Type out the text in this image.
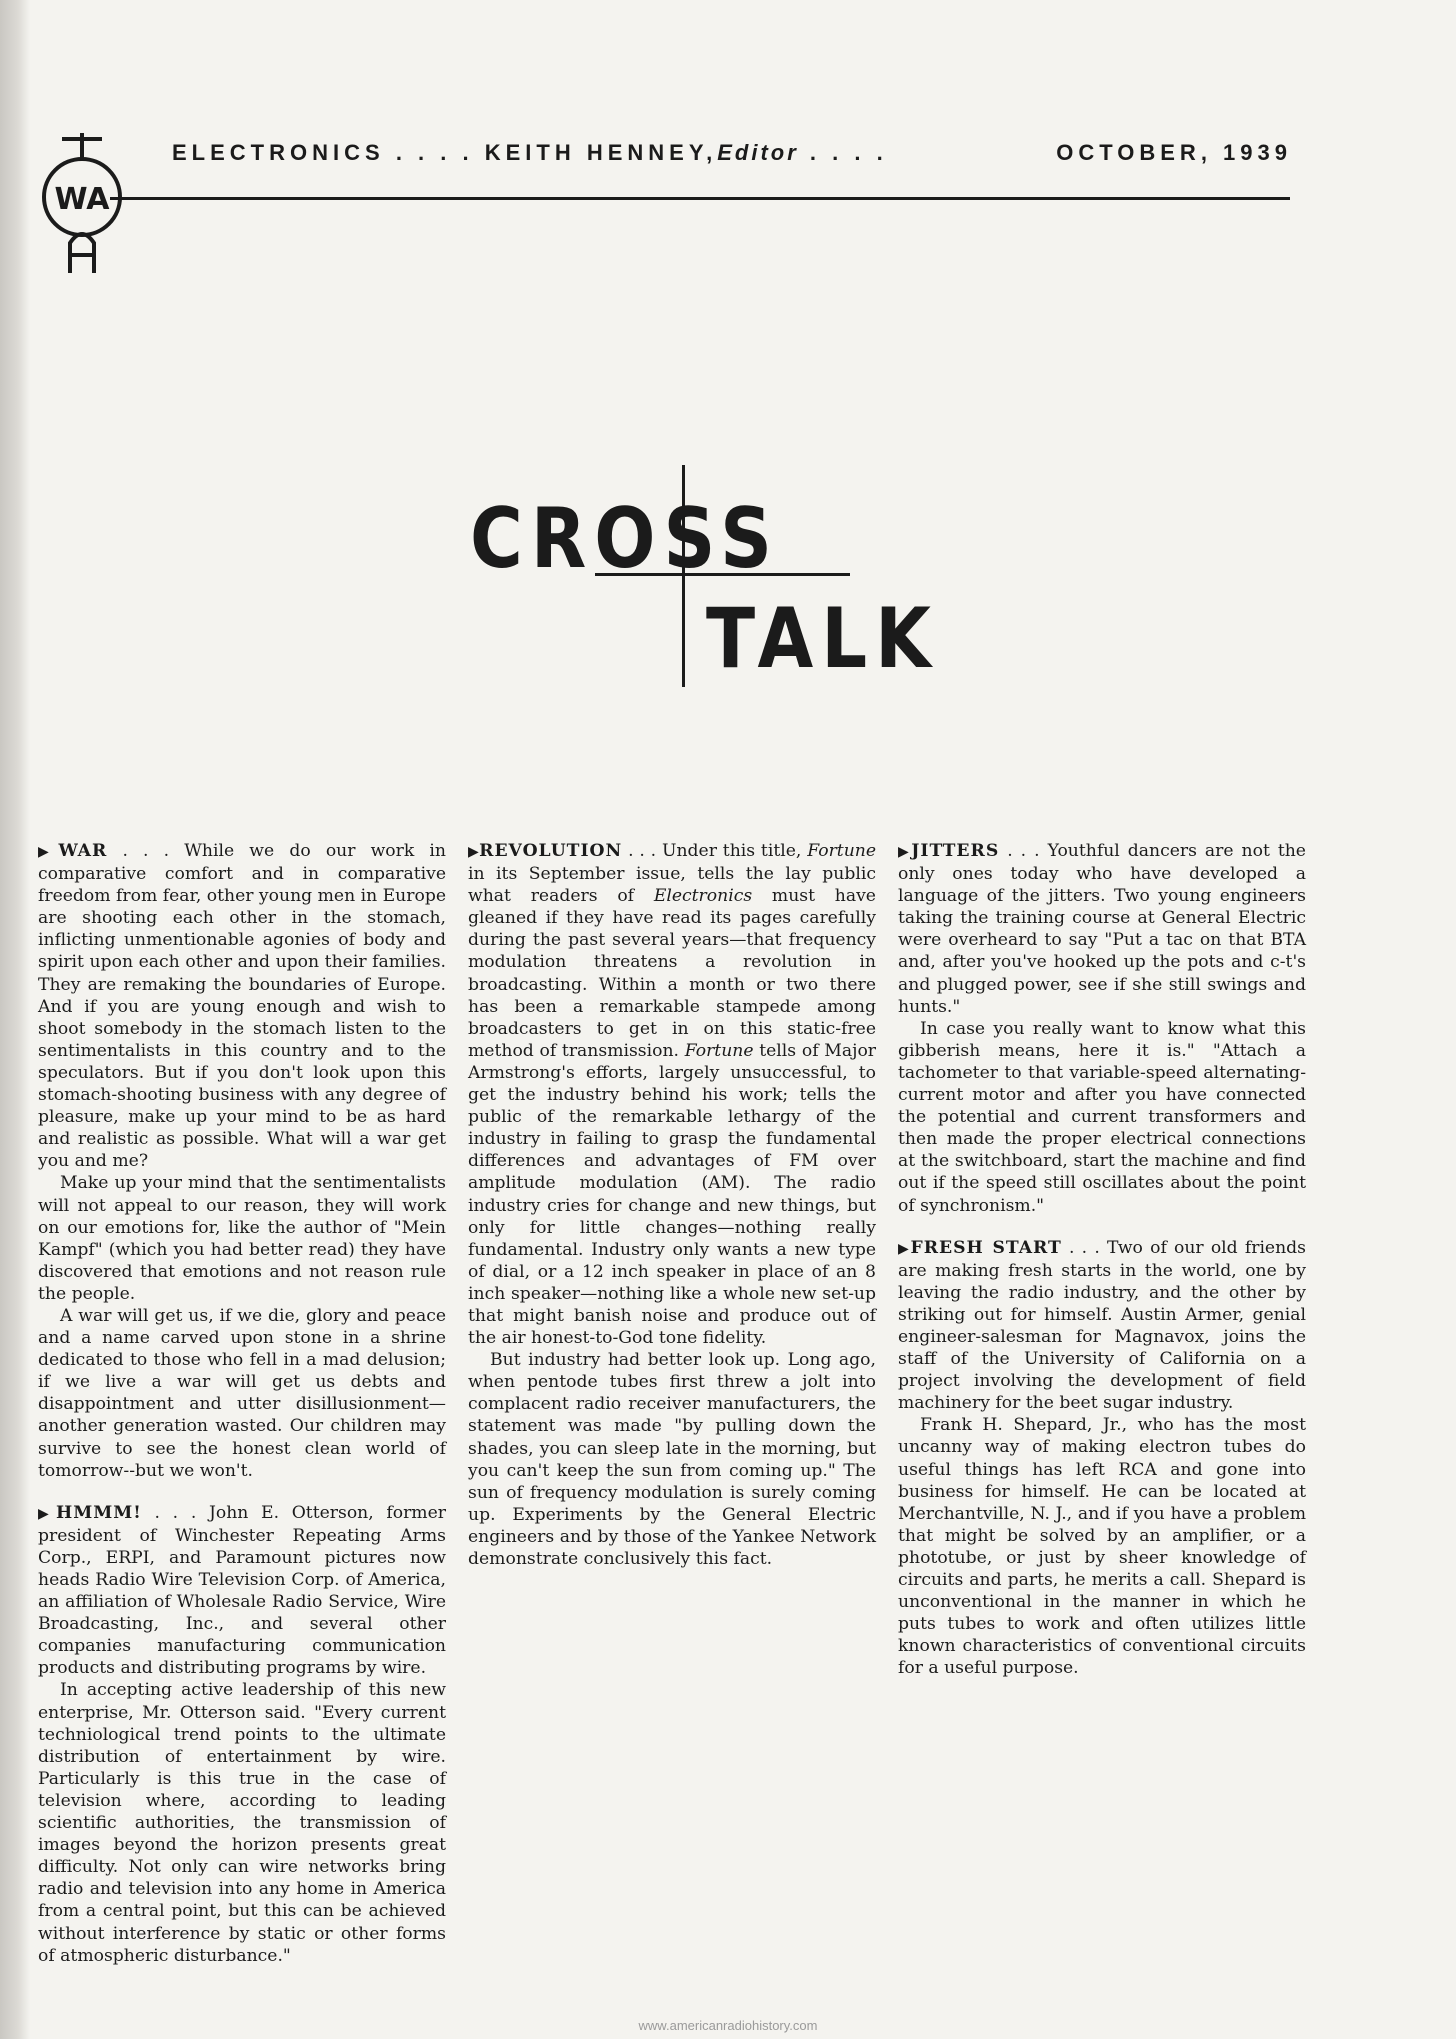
WA
ELECTRONICS . . . . KEITH HENNEY,Editor . . . .	OCTOBER, 1939
CROSS
TALK

▶WAR . . . While we do our work in comparative comfort and in comparative freedom from fear, other young men in Europe are shooting each other in the stomach, inflicting unmentionable agonies of body and spirit upon each other and upon their families. They are remaking the boundaries of Europe. And if you are young enough and wish to shoot somebody in the stomach listen to the sentimentalists in this country and to the speculators. But if you don't look upon this stomach-shooting business with any degree of pleasure, make up your mind to be as hard and realistic as possible. What will a war get you and me?

Make up your mind that the sentimentalists will not appeal to our reason, they will work on our emotions for, like the author of "Mein Kampf" (which you had better read) they have discovered that emotions and not reason rule the people.

A war will get us, if we die, glory and peace and a name carved upon stone in a shrine dedicated to those who fell in a mad delusion; if we live a war will get us debts and disappointment and utter disillusionment—another generation wasted. Our children may survive to see the honest clean world of tomorrow--but we won't.

▶HMMM! . . . John E. Otterson, former president of Winchester Repeating Arms Corp., ERPI, and Paramount pictures now heads Radio Wire Television Corp. of America, an affiliation of Wholesale Radio Service, Wire Broadcasting, Inc., and several other companies manufacturing communication products and distributing programs by wire.

In accepting active leadership of this new enterprise, Mr. Otterson said. "Every current techniological trend points to the ultimate distribution of entertainment by wire. Particularly is this true in the case of television where, according to leading scientific authorities, the transmission of images beyond the horizon presents great difficulty. Not only can wire networks bring radio and television into any home in America from a central point, but this can be achieved without interference by static or other forms of atmospheric disturbance."

▶REVOLUTION . . . Under this title, Fortune in its September issue, tells the lay public what readers of Electronics must have gleaned if they have read its pages carefully during the past several years—that frequency modulation threatens a revolution in broadcasting. Within a month or two there has been a remarkable stampede among broadcasters to get in on this static-free method of transmission. Fortune tells of Major Armstrong's efforts, largely unsuccessful, to get the industry behind his work; tells the public of the remarkable lethargy of the industry in failing to grasp the fundamental differences and advantages of FM over amplitude modulation (AM). The radio industry cries for change and new things, but only for little changes—nothing really fundamental. Industry only wants a new type of dial, or a 12 inch speaker in place of an 8 inch speaker—nothing like a whole new set-up that might banish noise and produce out of the air honest-to-God tone fidelity.

But industry had better look up. Long ago, when pentode tubes first threw a jolt into complacent radio receiver manufacturers, the statement was made "by pulling down the shades, you can sleep late in the morning, but you can't keep the sun from coming up." The sun of frequency modulation is surely coming up. Experiments by the General Electric engineers and by those of the Yankee Network demonstrate conclusively this fact.

▶JITTERS . . . Youthful dancers are not the only ones today who have developed a language of the jitters. Two young engineers taking the training course at General Electric were overheard to say "Put a tac on that BTA and, after you've hooked up the pots and c-t's and plugged power, see if she still swings and hunts."

In case you really want to know what this gibberish means, here it is." "Attach a tachometer to that variable-speed alternating-current motor and after you have connected the potential and current transformers and then made the proper electrical connections at the switchboard, start the machine and find out if the speed still oscillates about the point of synchronism."

▶FRESH START . . . Two of our old friends are making fresh starts in the world, one by leaving the radio industry, and the other by striking out for himself. Austin Armer, genial engineer-salesman for Magnavox, joins the staff of the University of California on a project involving the development of field machinery for the beet sugar industry.

Frank H. Shepard, Jr., who has the most uncanny way of making electron tubes do useful things has left RCA and gone into business for himself. He can be located at Merchantville, N. J., and if you have a problem that might be solved by an amplifier, or a phototube, or just by sheer knowledge of circuits and parts, he merits a call. Shepard is unconventional in the manner in which he puts tubes to work and often utilizes little known characteristics of conventional circuits for a useful purpose.

www.americanradiohistory.com
